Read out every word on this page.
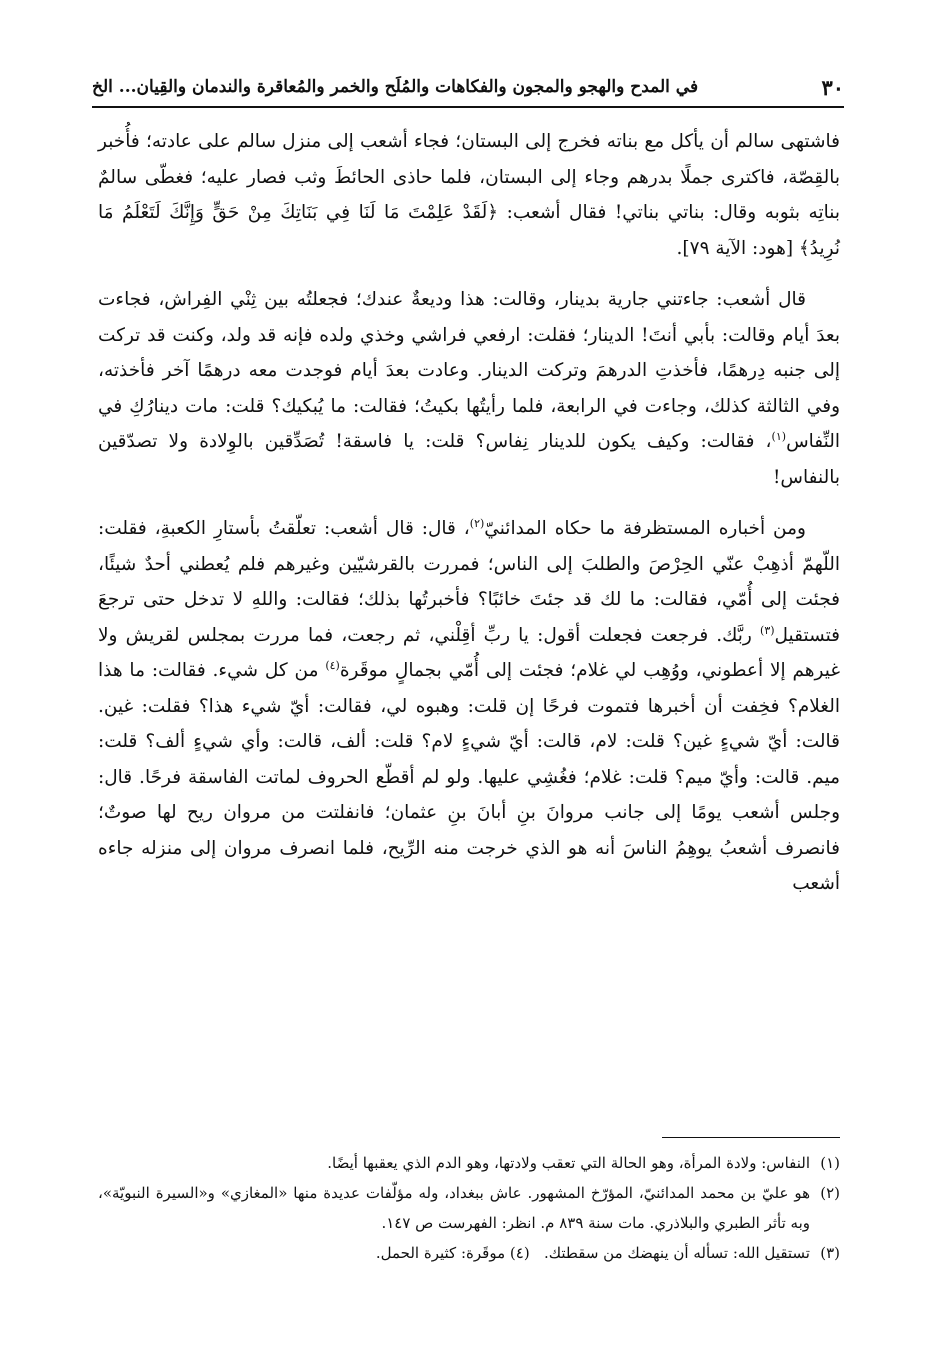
٣٠
في المدح والهجو والمجون والفكاهات والمُلَح والخمر والمُعاقرة والندمان والقِيان... الخ

فاشتهى سالم أن يأكل مع بناته فخرج إلى البستان؛ فجاء أشعب إلى منزل سالم على عادته؛ فأُخبر بالقِصّة، فاكترى جملًا بدرهم وجاء إلى البستان، فلما حاذى الحائطَ وثب فصار عليه؛ فغطّى سالمٌ بناتِه بثوبه وقال: بناتي بناتي! فقال أشعب: ﴿لَقَدْ عَلِمْتَ مَا لَنَا فِي بَنَاتِكَ مِنْ حَقٍّ وَإِنَّكَ لَتَعْلَمُ مَا نُرِيدُ﴾ [هود: الآية ٧٩].

قال أشعب: جاءتني جارية بدينار، وقالت: هذا وديعةٌ عندك؛ فجعلتُه بين ثِنْي الفِراش، فجاءت بعدَ أيام وقالت: بأبي أنتَ! الدينار؛ فقلت: ارفعي فراشي وخذي ولده فإنه قد ولد، وكنت قد تركت إلى جنبه دِرهمًا، فأخذتِ الدرهمَ وتركت الدينار. وعادت بعدَ أيام فوجدت معه درهمًا آخر فأخذته، وفي الثالثة كذلك، وجاءت في الرابعة، فلما رأيتُها بكيتُ؛ فقالت: ما يُبكيك؟ قلت: مات دينارُكِ في النِّفاس$^{(١)}$، فقالت: وكيف يكون للدينار نِفاس؟ قلت: يا فاسقة! تُصَدِّقين بالوِلادة ولا تصدّقين بالنفاس!

ومن أخباره المستظرفة ما حكاه المدائنيّ$^{(٢)}$، قال: قال أشعب: تعلّقتُ بأستارِ الكعبةِ، فقلت: اللّهمّ أذهِبْ عنّي الحِرْصَ والطلبَ إلى الناس؛ فمررت بالقرشيّين وغيرهم فلم يُعطني أحدٌ شيئًا، فجئت إلى أُمّي، فقالت: ما لك قد جئتَ خائبًا؟ فأخبرتُها بذلك؛ فقالت: واللهِ لا تدخل حتى ترجعَ فتستقيل$^{(٣)}$ ربَّك. فرجعت فجعلت أقول: يا ربِّ أقِلْني، ثم رجعت، فما مررت بمجلس لقريش ولا غيرهم إلا أعطوني، ووُهِب لي غلام؛ فجئت إلى أُمّي بجمالٍ موقَرة$^{(٤)}$ من كل شيء. فقالت: ما هذا الغلام؟ فخِفت أن أخبرها فتموت فرحًا إن قلت: وهبوه لي، فقالت: أيّ شيء هذا؟ فقلت: غين. قالت: أيّ شيءٍ غين؟ قلت: لام، قالت: أيّ شيءٍ لام؟ قلت: ألف، قالت: وأي شيءٍ ألف؟ قلت: ميم. قالت: وأيّ ميم؟ قلت: غلام؛ فغُشِي عليها. ولو لم أقطّع الحروف لماتت الفاسقة فرحًا. قال: وجلس أشعب يومًا إلى جانب مروانَ بنِ أبانَ بنِ عثمان؛ فانفلتت من مروان ريح لها صوتٌ؛ فانصرف أشعبُ يوهِمُ الناسَ أنه هو الذي خرجت منه الرِّيح، فلما انصرف مروان إلى منزله جاءه أشعب

(١)
النفاس: ولادة المرأة، وهو الحالة التي تعقب ولادتها، وهو الدم الذي يعقبها أيضًا.

(٢)
هو عليّ بن محمد المدائنيّ، المؤرّخ المشهور. عاش ببغداد، وله مؤلّفات عديدة منها «المغازي» و«السيرة النبويّة»، وبه تأثر الطبري والبلاذري. مات سنة ٨٣٩ م. انظر: الفهرست ص ١٤٧.

(٣)
تستقيل الله: تسأله أن ينهضك من سقطتك.   (٤) موقَرة: كثيرة الحمل.
